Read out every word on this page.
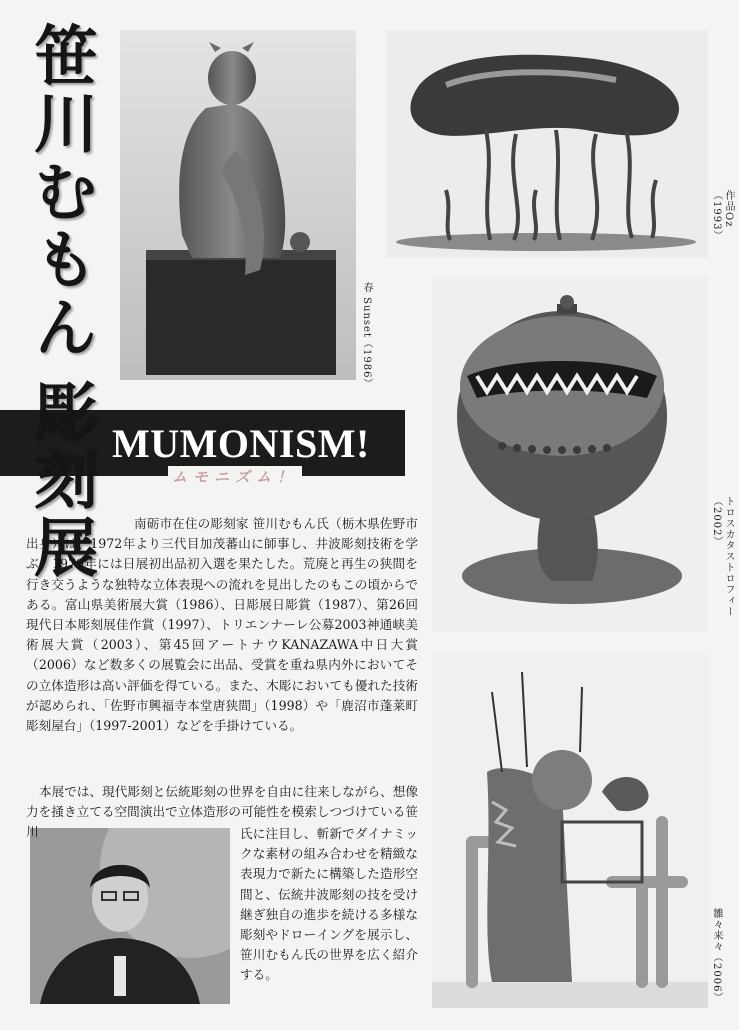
笹川むもん
彫刻展 MUMONISM!
ムモニズム！
春 Sunset（1986）
作品Oz（1993）
トロスカタストロフィー（2002）
雛々来々（2006）

南砺市在住の彫刻家 笹川むもん氏（栃木県佐野市出身）は、1972年より三代目加茂蕃山に師事し、井波彫刻技術を学ぶ。1979年には日展初出品初入選を果たした。荒廃と再生の狭間を行き交うような独特な立体表現への流れを見出したのもこの頃からである。富山県美術展大賞（1986）、日彫展日彫賞（1987）、第26回現代日本彫刻展佳作賞（1997）、トリエンナーレ公募2003神通峡美術展大賞（2003）、第45回アートナウKANAZAWA中日大賞（2006）など数多くの展覧会に出品、受賞を重ね県内外においてその立体造形は高い評価を得ている。また、木彫においても優れた技術が認められ、「佐野市興福寺本堂唐狭間」（1998）や「鹿沼市蓬莱町彫刻屋台」（1997-2001）などを手掛けている。

本展では、現代彫刻と伝統彫刻の世界を自由に往来しながら、想像力を掻き立てる空間演出で立体造形の可能性を模索しつづけている笹川	氏に注目し、斬新でダイナミックな素材の組み合わせを精緻な表現力で新たに構築した造形空間と、伝統井波彫刻の技を受け継ぎ独自の進歩を続ける多様な彫刻やドローイングを展示し、笹川むもん氏の世界を広く紹介する。
